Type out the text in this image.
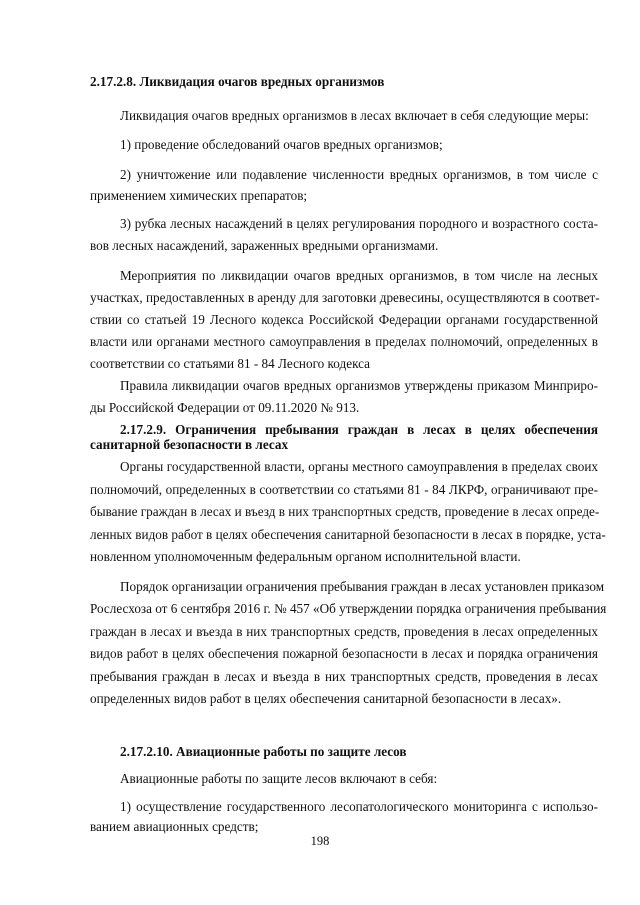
2.17.2.8. Ликвидация очагов вредных организмов
Ликвидация очагов вредных организмов в лесах включает в себя следующие меры:
1) проведение обследований очагов вредных организмов;
2) уничтожение или подавление численности вредных организмов, в том числе с
применением химических препаратов;
3) рубка лесных насаждений в целях регулирования породного и возрастного соста-
вов лесных насаждений, зараженных вредными организмами.
Мероприятия по ликвидации очагов вредных организмов, в том числе на лесных
участках, предоставленных в аренду для заготовки древесины, осуществляются в соответ-
ствии со статьей 19 Лесного кодекса Российской Федерации органами государственной
власти или органами местного самоуправления в пределах полномочий, определенных в
соответствии со статьями 81 - 84 Лесного кодекса
Правила ликвидации очагов вредных организмов утверждены приказом Минприро-
ды Российской Федерации от 09.11.2020 № 913.
2.17.2.9. Ограничения пребывания граждан в лесах в целях обеспечения
санитарной безопасности в лесах
Органы государственной власти, органы местного самоуправления в пределах своих
полномочий, определенных в соответствии со статьями 81 - 84 ЛКРФ, ограничивают пре-
бывание граждан в лесах и въезд в них транспортных средств, проведение в лесах опреде-
ленных видов работ в целях обеспечения санитарной безопасности в лесах в порядке, уста-
новленном уполномоченным федеральным органом исполнительной власти.
Порядок организации ограничения пребывания граждан в лесах установлен приказом
Рослесхоза от 6 сентября 2016 г. № 457 «Об утверждении порядка ограничения пребывания
граждан в лесах и въезда в них транспортных средств, проведения в лесах определенных
видов работ в целях обеспечения пожарной безопасности в лесах и порядка ограничения
пребывания граждан в лесах и въезда в них транспортных средств, проведения в лесах
определенных видов работ в целях обеспечения санитарной безопасности в лесах».
2.17.2.10. Авиационные работы по защите лесов
Авиационные работы по защите лесов включают в себя:
1) осуществление государственного лесопатологического мониторинга с использо-
ванием авиационных средств;
198
